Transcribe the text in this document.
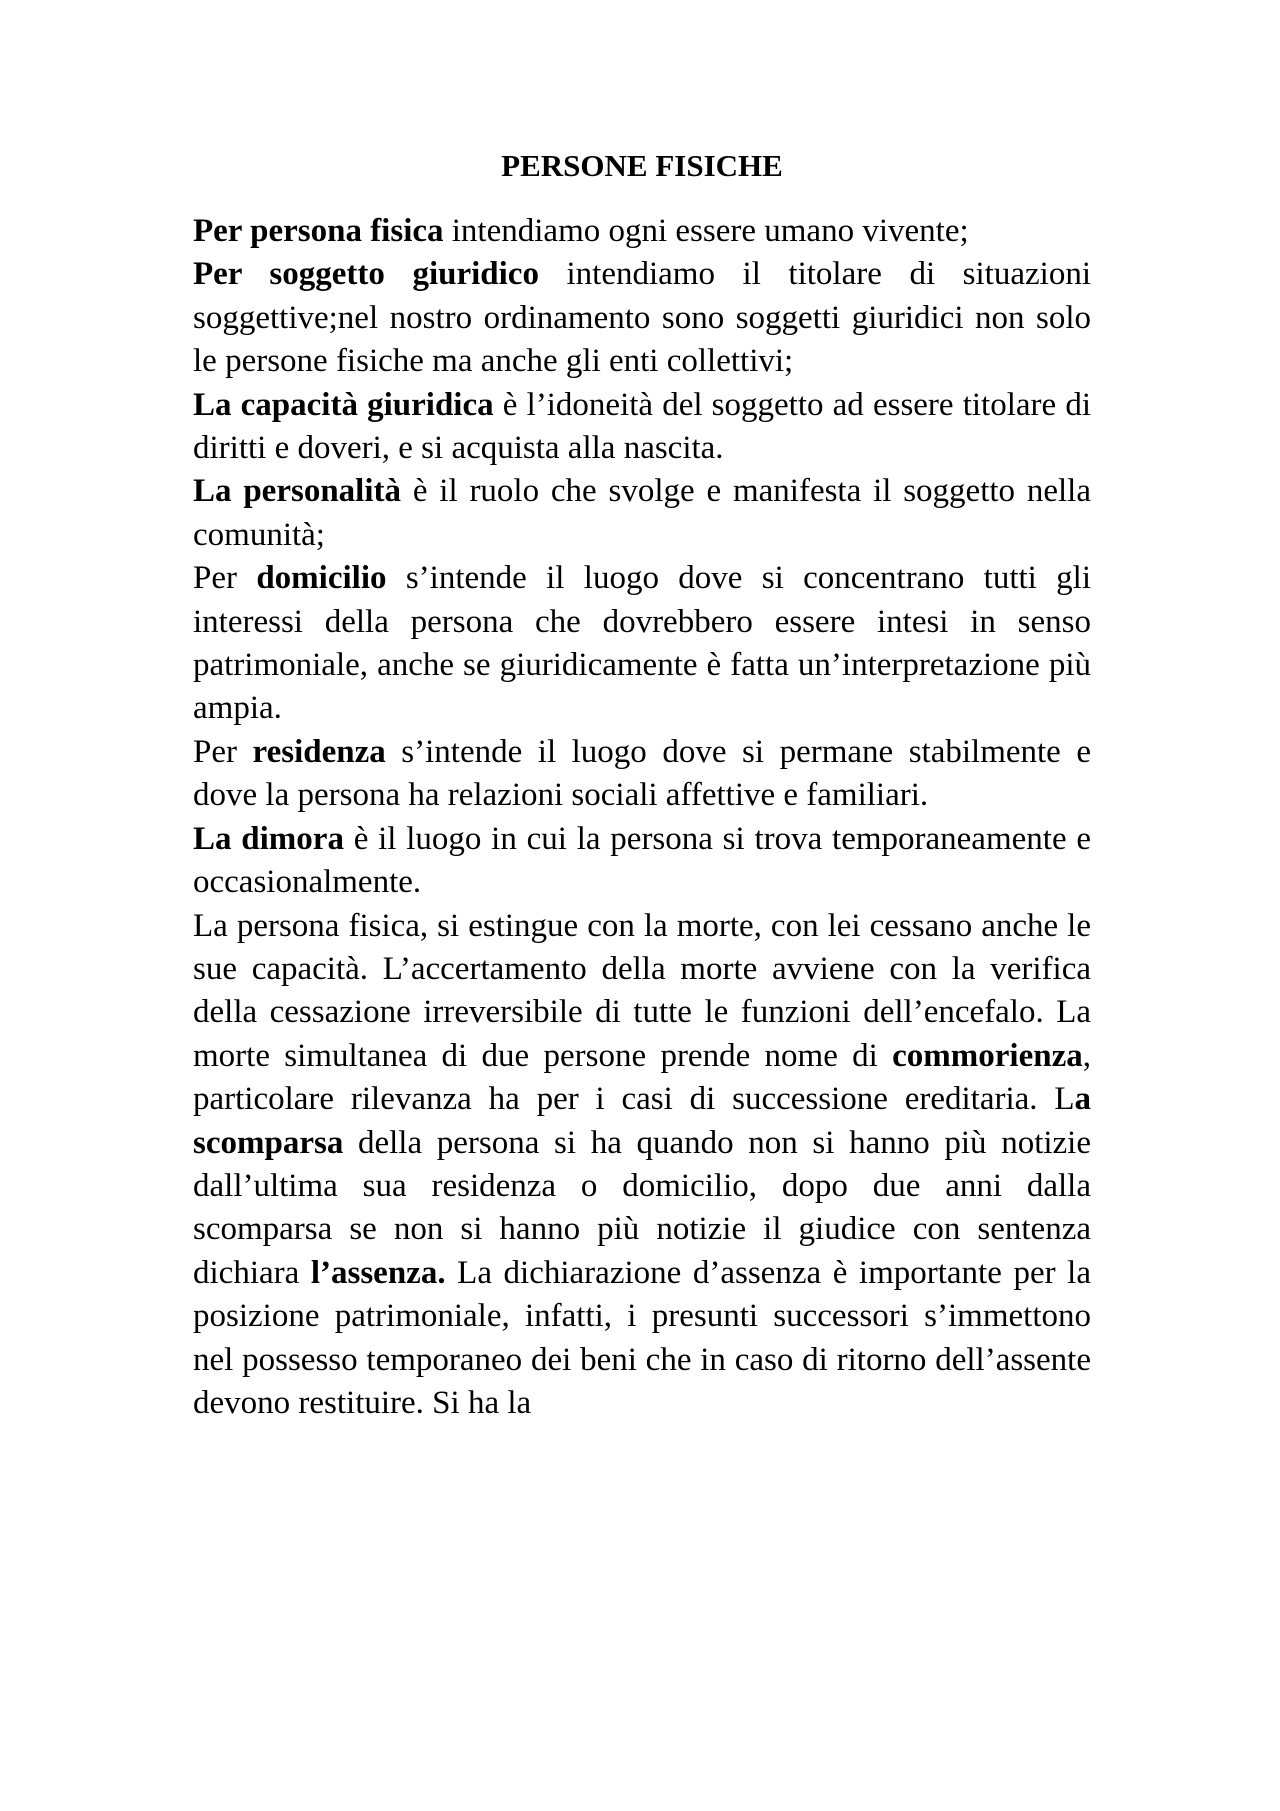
PERSONE FISICHE

Per persona fisica intendiamo ogni essere umano vivente;

Per soggetto giuridico intendiamo il titolare di situazioni soggettive;nel nostro ordinamento sono soggetti giuridici non solo le persone fisiche ma anche gli enti collettivi;

La capacità giuridica è l’idoneità del soggetto ad essere titolare di diritti e doveri, e si acquista alla nascita.

La personalità è il ruolo che svolge e manifesta il soggetto nella comunità;

Per domicilio s’intende il luogo dove si concentrano tutti gli interessi della persona che dovrebbero essere intesi in senso patrimoniale, anche se giuridicamente è fatta un’interpretazione più ampia.

Per residenza s’intende il luogo dove si permane stabilmente e dove la persona ha relazioni sociali affettive e familiari.

La dimora è il luogo in cui la persona si trova temporaneamente e occasionalmente.

La persona fisica, si estingue con la morte, con lei cessano anche le sue capacità. L’accertamento della morte avviene con la verifica della cessazione irreversibile di tutte le funzioni dell’encefalo. La morte simultanea di due persone prende nome di commorienza, particolare rilevanza ha per i casi di successione ereditaria. La scomparsa della persona si ha quando non si hanno più notizie dall’ultima sua residenza o domicilio, dopo due anni dalla scomparsa se non si hanno più notizie il giudice con sentenza dichiara l’assenza. La dichiarazione d’assenza è importante per la posizione patrimoniale, infatti, i presunti successori s’immettono nel possesso temporaneo dei beni che in caso di ritorno dell’assente devono restituire. Si ha la
